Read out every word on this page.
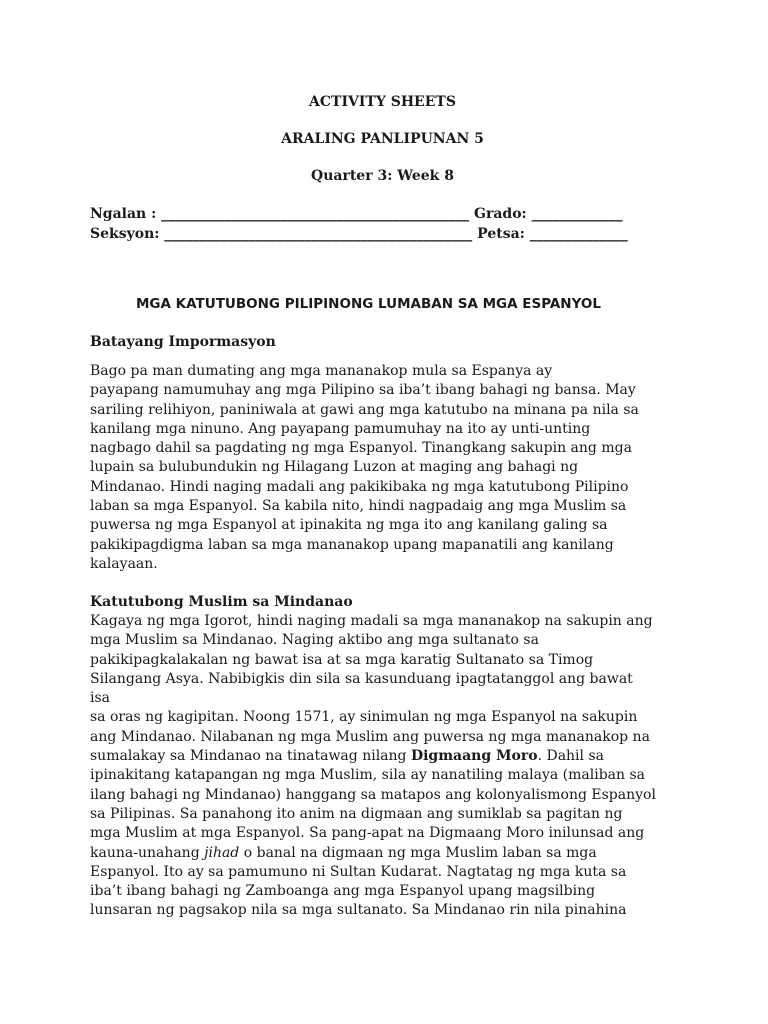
ACTIVITY SHEETS
ARALING PANLIPUNAN 5
Quarter 3: Week 8
Ngalan : ____________________________________________ Grado: _____________
Seksyon: ____________________________________________ Petsa: ______________
MGA KATUTUBONG PILIPINONG LUMABAN SA MGA ESPANYOL
Batayang Impormasyon
Bago pa man dumating ang mga mananakop mula sa Espanya ay
payapang namumuhay ang mga Pilipino sa iba’t ibang bahagi ng bansa. May
sariling relihiyon, paniniwala at gawi ang mga katutubo na minana pa nila sa
kanilang mga ninuno. Ang payapang pamumuhay na ito ay unti-unting
nagbago dahil sa pagdating ng mga Espanyol. Tinangkang sakupin ang mga
lupain sa bulubundukin ng Hilagang Luzon at maging ang bahagi ng
Mindanao. Hindi naging madali ang pakikibaka ng mga katutubong Pilipino
laban sa mga Espanyol. Sa kabila nito, hindi nagpadaig ang mga Muslim sa
puwersa ng mga Espanyol at ipinakita ng mga ito ang kanilang galing sa
pakikipagdigma laban sa mga mananakop upang mapanatili ang kanilang
kalayaan.
Katutubong Muslim sa Mindanao
Kagaya ng mga Igorot, hindi naging madali sa mga mananakop na sakupin ang
mga Muslim sa Mindanao. Naging aktibo ang mga sultanato sa
pakikipagkalakalan ng bawat isa at sa mga karatig Sultanato sa Timog
Silangang Asya. Nabibigkis din sila sa kasunduang ipagtatanggol ang bawat
isa
sa oras ng kagipitan. Noong 1571, ay sinimulan ng mga Espanyol na sakupin
ang Mindanao. Nilabanan ng mga Muslim ang puwersa ng mga mananakop na
sumalakay sa Mindanao na tinatawag nilang Digmaang Moro. Dahil sa
ipinakitang katapangan ng mga Muslim, sila ay nanatiling malaya (maliban sa
ilang bahagi ng Mindanao) hanggang sa matapos ang kolonyalismong Espanyol
sa Pilipinas. Sa panahong ito anim na digmaan ang sumiklab sa pagitan ng
mga Muslim at mga Espanyol. Sa pang-apat na Digmaang Moro inilunsad ang
kauna-unahang jihad o banal na digmaan ng mga Muslim laban sa mga
Espanyol. Ito ay sa pamumuno ni Sultan Kudarat. Nagtatag ng mga kuta sa
iba’t ibang bahagi ng Zamboanga ang mga Espanyol upang magsilbing
lunsaran ng pagsakop nila sa mga sultanato. Sa Mindanao rin nila pinahina
